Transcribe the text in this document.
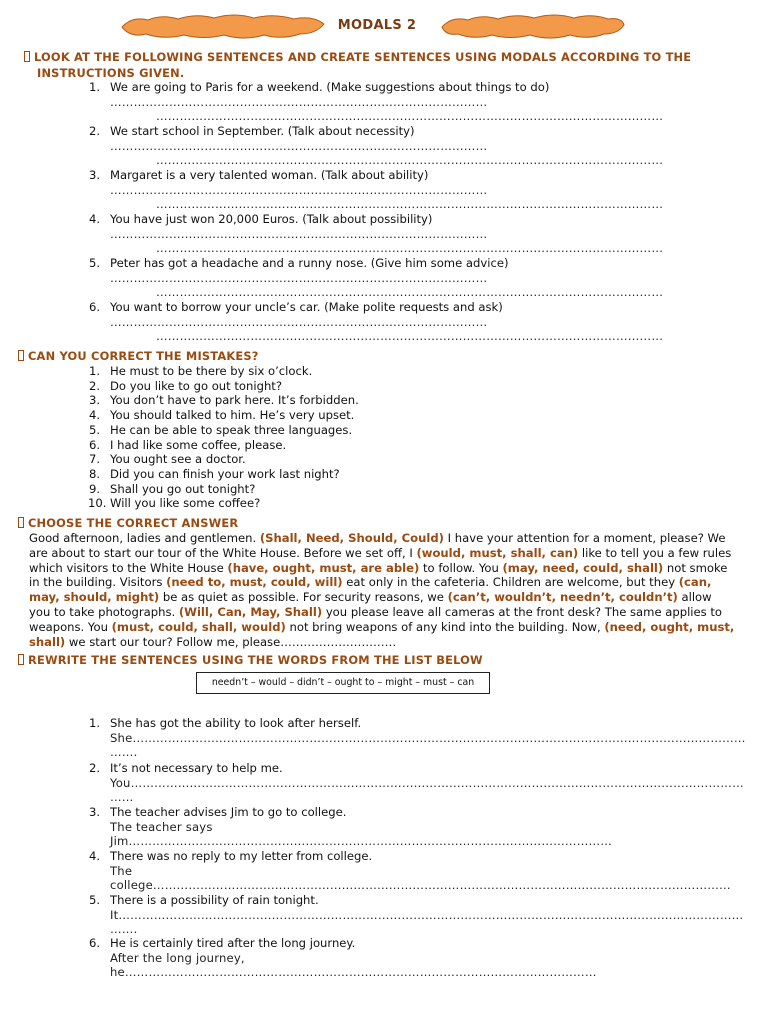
MODALS 2
LOOK AT THE FOLLOWING SENTENCES AND CREATE SENTENCES USING MODALS ACCORDING TO THE
INSTRUCTIONS GIVEN.
1. We are going to Paris for a weekend. (Make suggestions about things to do)
……………………………………………………………………………………
…………………………………………………………………………………………………………………
2. We start school in September. (Talk about necessity)
……………………………………………………………………………………
…………………………………………………………………………………………………………………
3. Margaret is a very talented woman. (Talk about ability)
……………………………………………………………………………………
…………………………………………………………………………………………………………………
4. You have just won 20,000 Euros. (Talk about possibility)
……………………………………………………………………………………
…………………………………………………………………………………………………………………
5. Peter has got a headache and a runny nose. (Give him some advice)
……………………………………………………………………………………
…………………………………………………………………………………………………………………
6. You want to borrow your uncle’s car. (Make polite requests and ask)
……………………………………………………………………………………
…………………………………………………………………………………………………………………
CAN YOU CORRECT THE MISTAKES?
1. He must to be there by six o’clock.
2. Do you like to go out tonight?
3. You don’t have to park here. It’s forbidden.
4. You should talked to him. He’s very upset.
5. He can be able to speak three languages.
6. I had like some coffee, please.
7. You ought see a doctor.
8. Did you can finish your work last night?
9. Shall you go out tonight?
10. Will you like some coffee?
CHOOSE THE CORRECT ANSWER
Good afternoon, ladies and gentlemen. (Shall, Need, Should, Could) I have your attention for a moment, please? We are about to start our tour of the White House. Before we set off, I (would, must, shall, can) like to tell you a few rules which visitors to the White House (have, ought, must, are able) to follow. You (may, need, could, shall) not smoke in the building. Visitors (need to, must, could, will) eat only in the cafeteria. Children are welcome, but they (can, may, should, might) be as quiet as possible. For security reasons, we (can’t, wouldn’t, needn’t, couldn’t) allow you to take photographs. (Will, Can, May, Shall) you please leave all cameras at the front desk? The same applies to weapons. You (must, could, shall, would) not bring weapons of any kind into the building. Now, (need, ought, must, shall) we start our tour? Follow me, please…………………………
REWRITE THE SENTENCES USING THE WORDS FROM THE LIST BELOW
needn’t – would – didn’t – ought to – might – must – can
1. She has got the ability to look after herself.
She…………………………………………………………………………………………………………………………………………
…….
2. It’s not necessary to help me.
You…………………………………………………………………………………………………………………………………………
……
3. The teacher advises Jim to go to college.
The teacher says
Jim……………………………………………………………………………………………………………
4. There was no reply to my letter from college.
The
college…………………………………………………………………………………………………………………………………
5. There is a possibility of rain tonight.
It……………………………………………………………………………………………………………………………………………
…….
6. He is certainly tired after the long journey.
After the long journey,
he…………………………………………………………………………………………………………
